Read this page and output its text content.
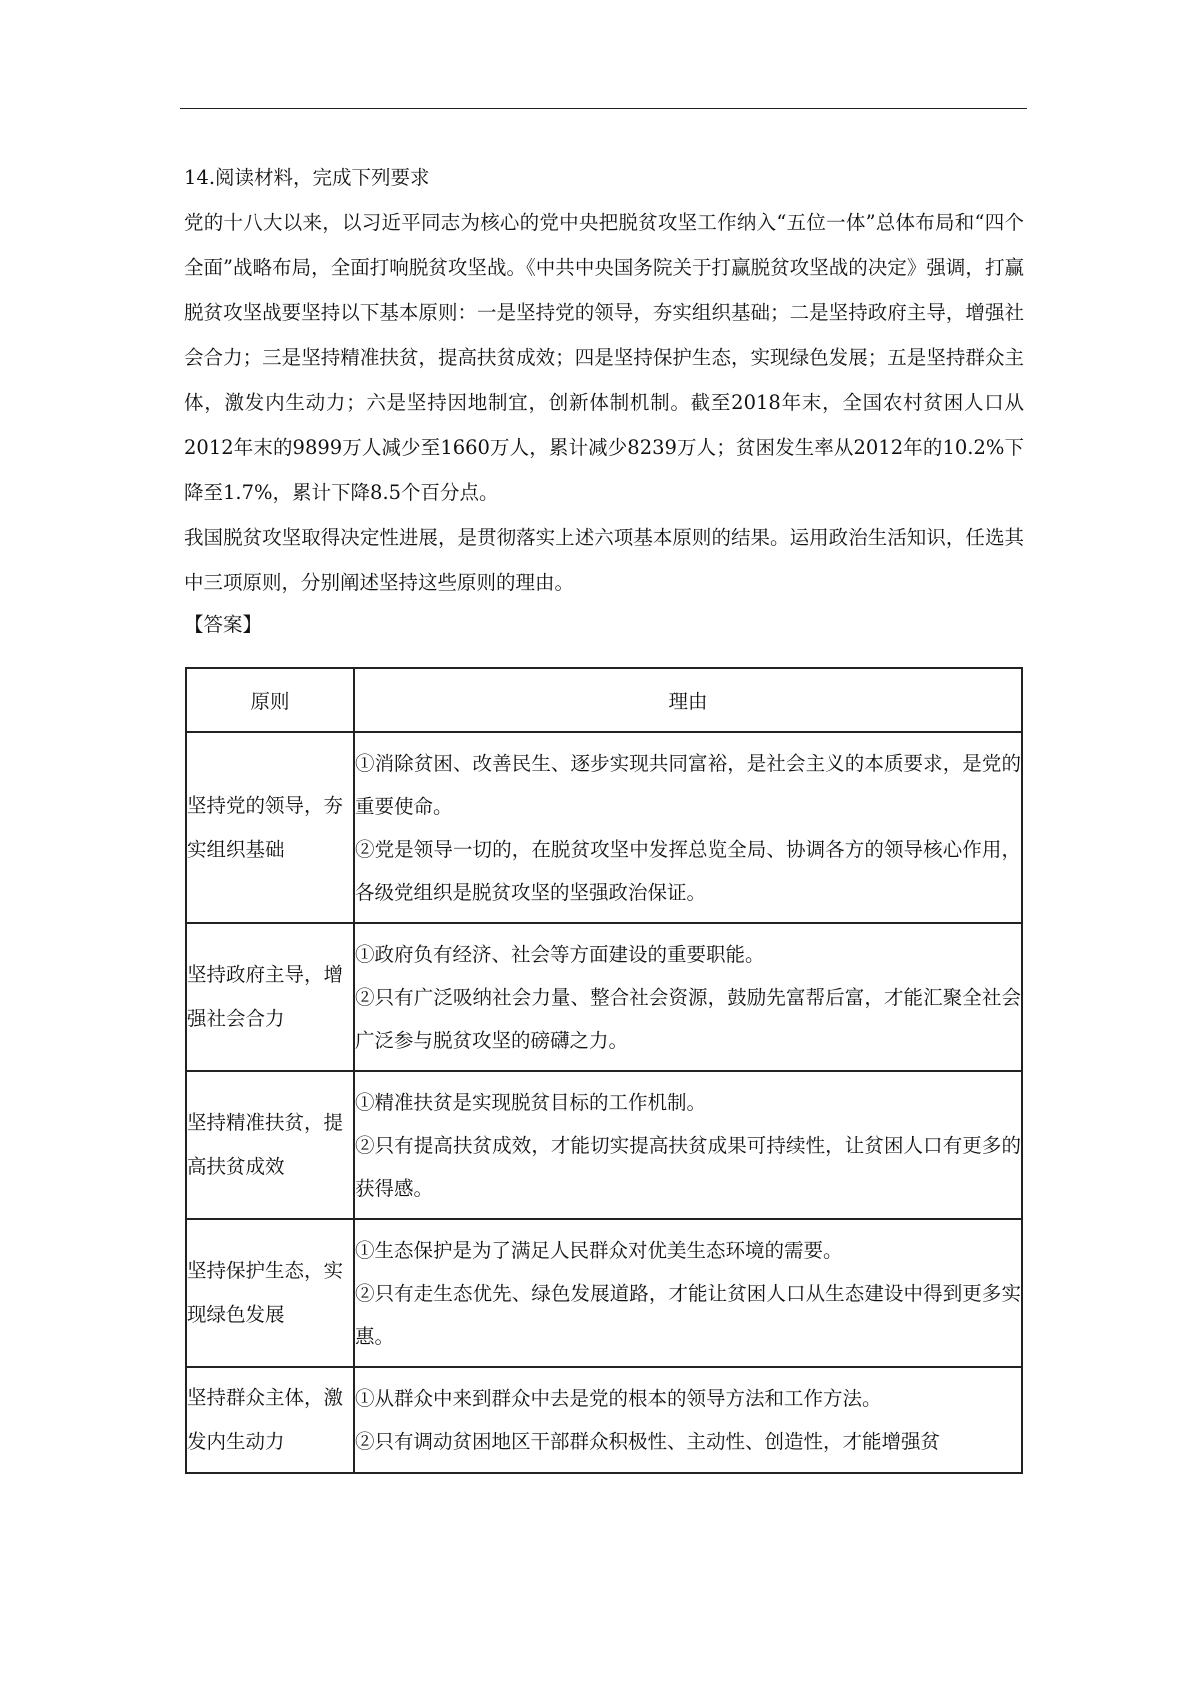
14.阅读材料，完成下列要求

党的十八大以来，以习近平同志为核心的党中央把脱贫攻坚工作纳入“五位一体”总体布局和“四个全面”战略布局，全面打响脱贫攻坚战。《中共中央国务院关于打赢脱贫攻坚战的决定》强调，打赢脱贫攻坚战要坚持以下基本原则：一是坚持党的领导，夯实组织基础；二是坚持政府主导，增强社会合力；三是坚持精准扶贫，提高扶贫成效；四是坚持保护生态，实现绿色发展；五是坚持群众主体，激发内生动力；六是坚持因地制宜，创新体制机制。截至2018年末，全国农村贫困人口从2012年末的9899万人减少至1660万人，累计减少8239万人；贫困发生率从2012年的10.2%下降至1.7%，累计下降8.5个百分点。

我国脱贫攻坚取得决定性进展，是贯彻落实上述六项基本原则的结果。运用政治生活知识，任选其中三项原则，分别阐述坚持这些原则的理由。

【答案】

原则	理由
坚持党的领导，夯实组织基础	①消除贫困、改善民生、逐步实现共同富裕，是社会主义的本质要求，是党的重要使命。

②党是领导一切的，在脱贫攻坚中发挥总览全局、协调各方的领导核心作用，各级党组织是脱贫攻坚的坚强政治保证。

坚持政府主导，增强社会合力	①政府负有经济、社会等方面建设的重要职能。

②只有广泛吸纳社会力量、整合社会资源，鼓励先富帮后富，才能汇聚全社会广泛参与脱贫攻坚的磅礴之力。

坚持精准扶贫，提高扶贫成效	①精准扶贫是实现脱贫目标的工作机制。

②只有提高扶贫成效，才能切实提高扶贫成果可持续性，让贫困人口有更多的获得感。

坚持保护生态，实现绿色发展	①生态保护是为了满足人民群众对优美生态环境的需要。

②只有走生态优先、绿色发展道路，才能让贫困人口从生态建设中得到更多实惠。

坚持群众主体，激发内生动力	①从群众中来到群众中去是党的根本的领导方法和工作方法。

②只有调动贫困地区干部群众积极性、主动性、创造性，才能增强贫
